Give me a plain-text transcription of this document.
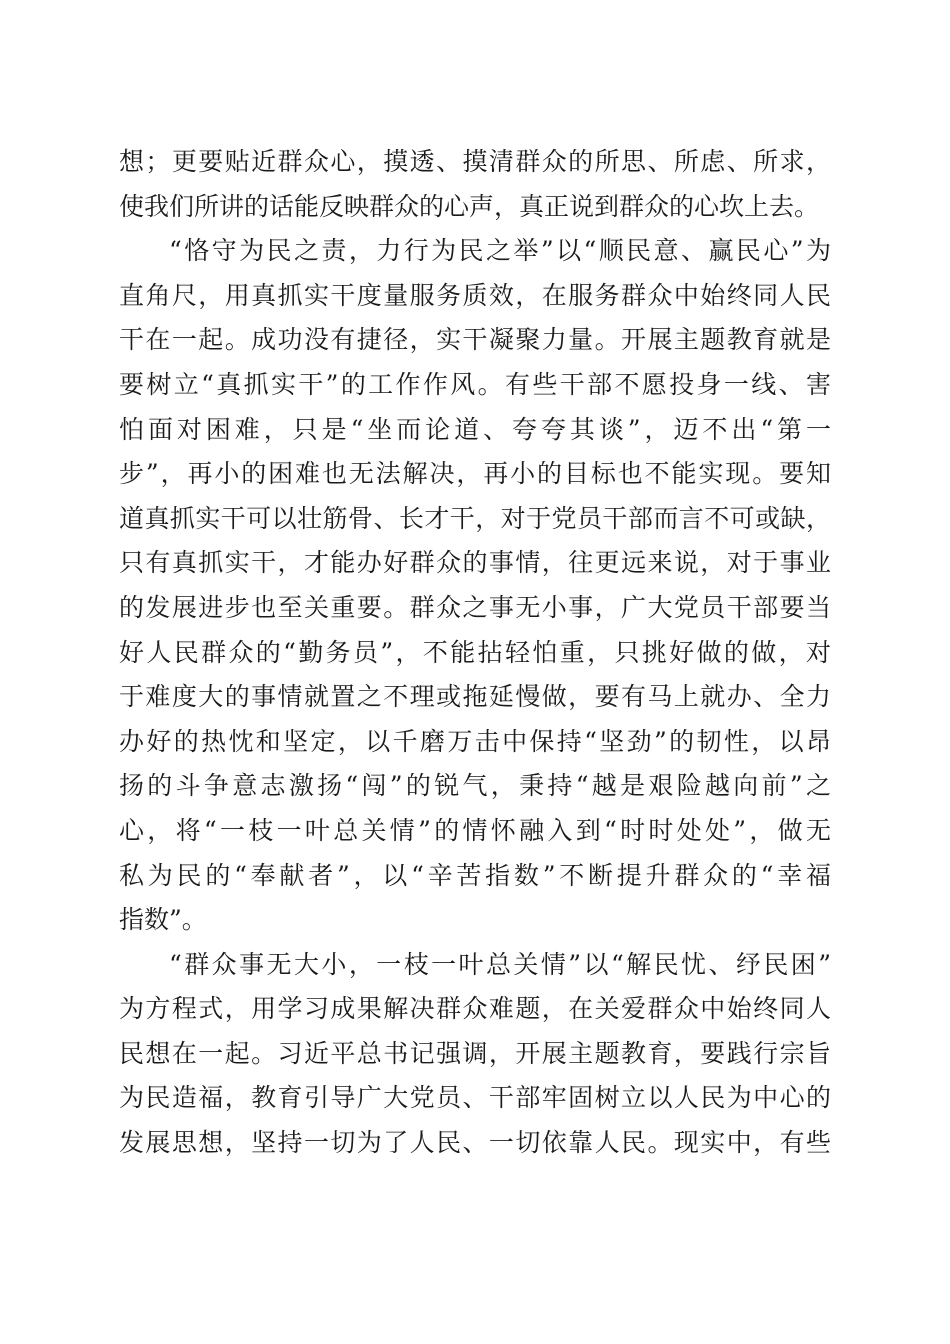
想；更要贴近群众心，摸透、摸清群众的所思、所虑、所求，
使我们所讲的话能反映群众的心声，真正说到群众的心坎上去。
“恪守为民之责，力行为民之举”以“顺民意、赢民心”为
直角尺，用真抓实干度量服务质效，在服务群众中始终同人民
干在一起。成功没有捷径，实干凝聚力量。开展主题教育就是
要树立“真抓实干”的工作作风。有些干部不愿投身一线、害
怕面对困难，只是“坐而论道、夸夸其谈”，迈不出“第一
步”，再小的困难也无法解决，再小的目标也不能实现。要知
道真抓实干可以壮筋骨、长才干，对于党员干部而言不可或缺，
只有真抓实干，才能办好群众的事情，往更远来说，对于事业
的发展进步也至关重要。群众之事无小事，广大党员干部要当
好人民群众的“勤务员”，不能拈轻怕重，只挑好做的做，对
于难度大的事情就置之不理或拖延慢做，要有马上就办、全力
办好的热忱和坚定，以千磨万击中保持“坚劲”的韧性，以昂
扬的斗争意志激扬“闯”的锐气，秉持“越是艰险越向前”之
心，将“一枝一叶总关情”的情怀融入到“时时处处”，做无
私为民的“奉献者”，以“辛苦指数”不断提升群众的“幸福
指数”。
“群众事无大小，一枝一叶总关情”以“解民忧、纾民困”
为方程式，用学习成果解决群众难题，在关爱群众中始终同人
民想在一起。习近平总书记强调，开展主题教育，要践行宗旨
为民造福，教育引导广大党员、干部牢固树立以人民为中心的
发展思想，坚持一切为了人民、一切依靠人民。现实中，有些
